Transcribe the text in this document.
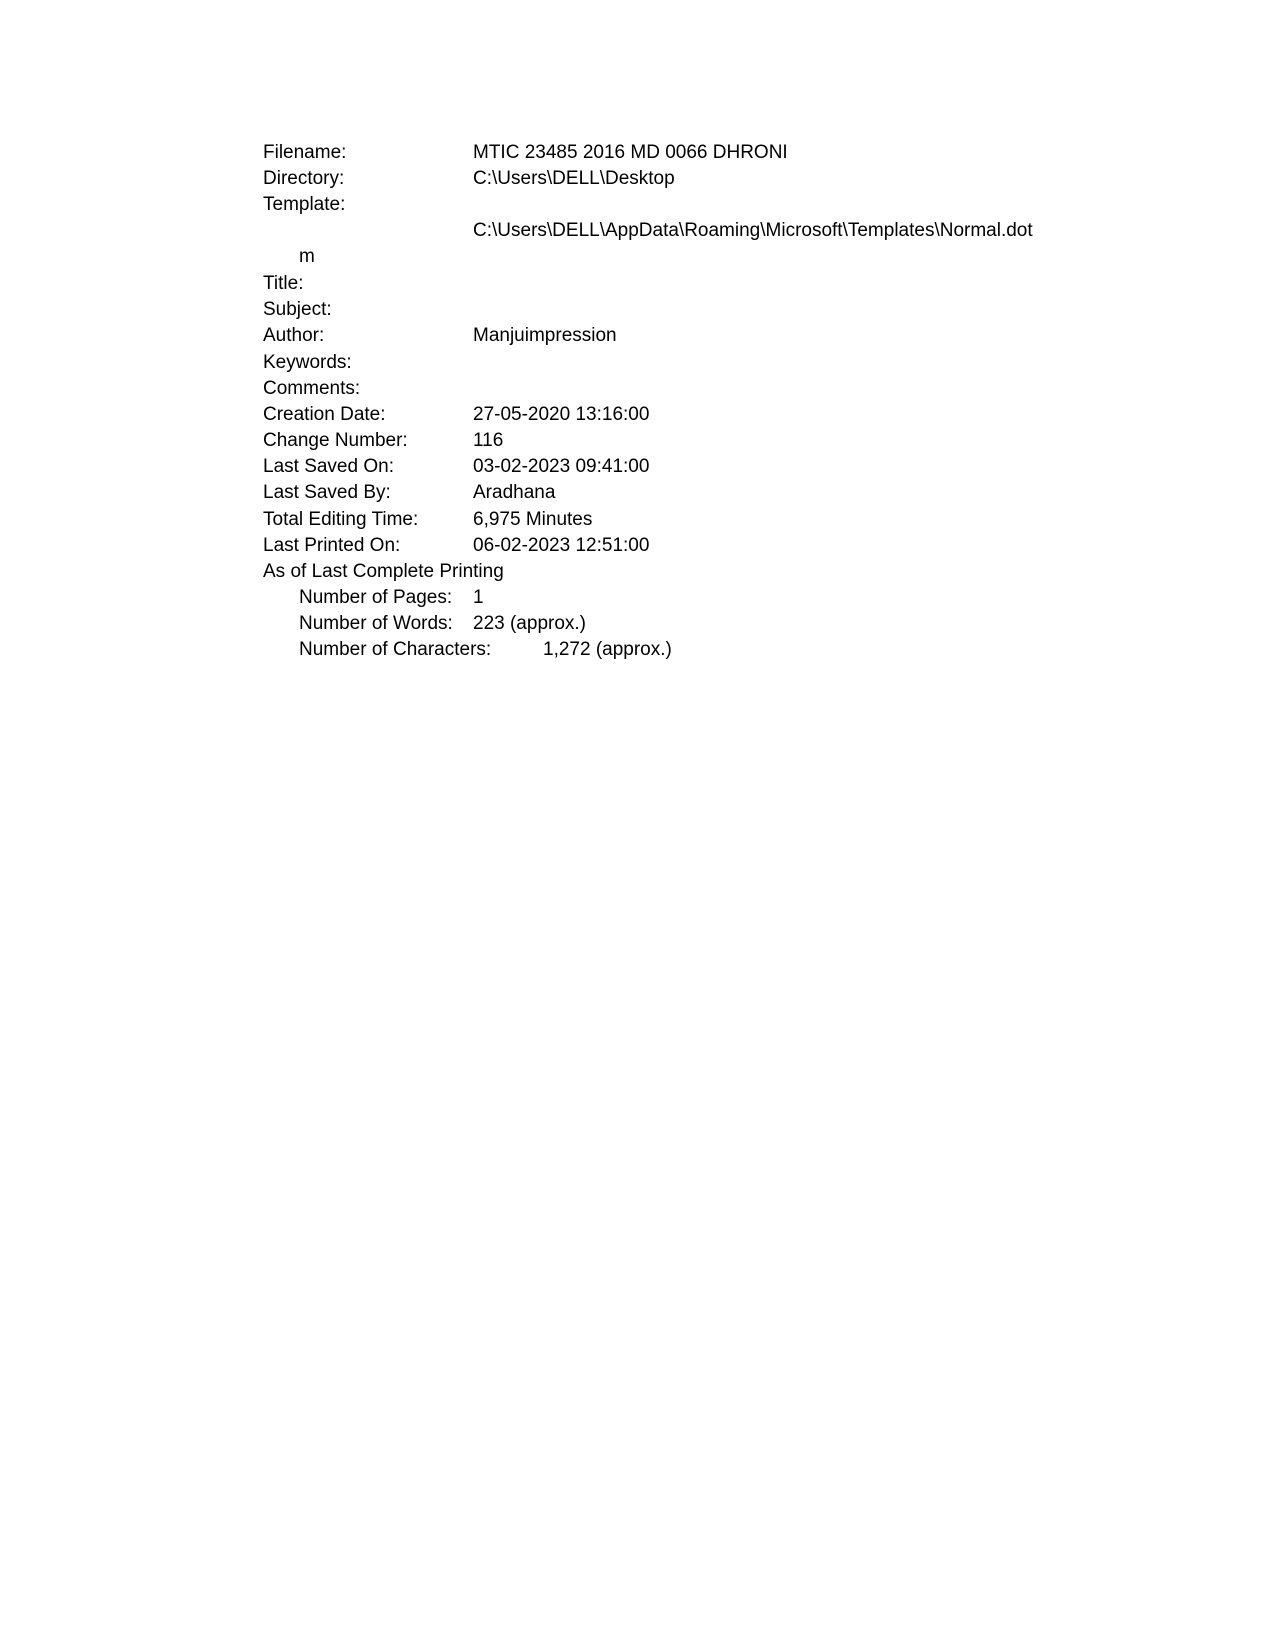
Filename:	MTIC 23485 2016 MD 0066 DHRONI
Directory:	C:\Users\DELL\Desktop
Template:
C:\Users\DELL\AppData\Roaming\Microsoft\Templates\Normal.dot
m
Title:
Subject:
Author:	Manjuimpression
Keywords:
Comments:
Creation Date:	27-05-2020 13:16:00
Change Number:	116
Last Saved On:	03-02-2023 09:41:00
Last Saved By:	Aradhana
Total Editing Time:	6,975 Minutes
Last Printed On:	06-02-2023 12:51:00
As of Last Complete Printing
Number of Pages: 1
Number of Words: 223 (approx.)
Number of Characters:	1,272 (approx.)
